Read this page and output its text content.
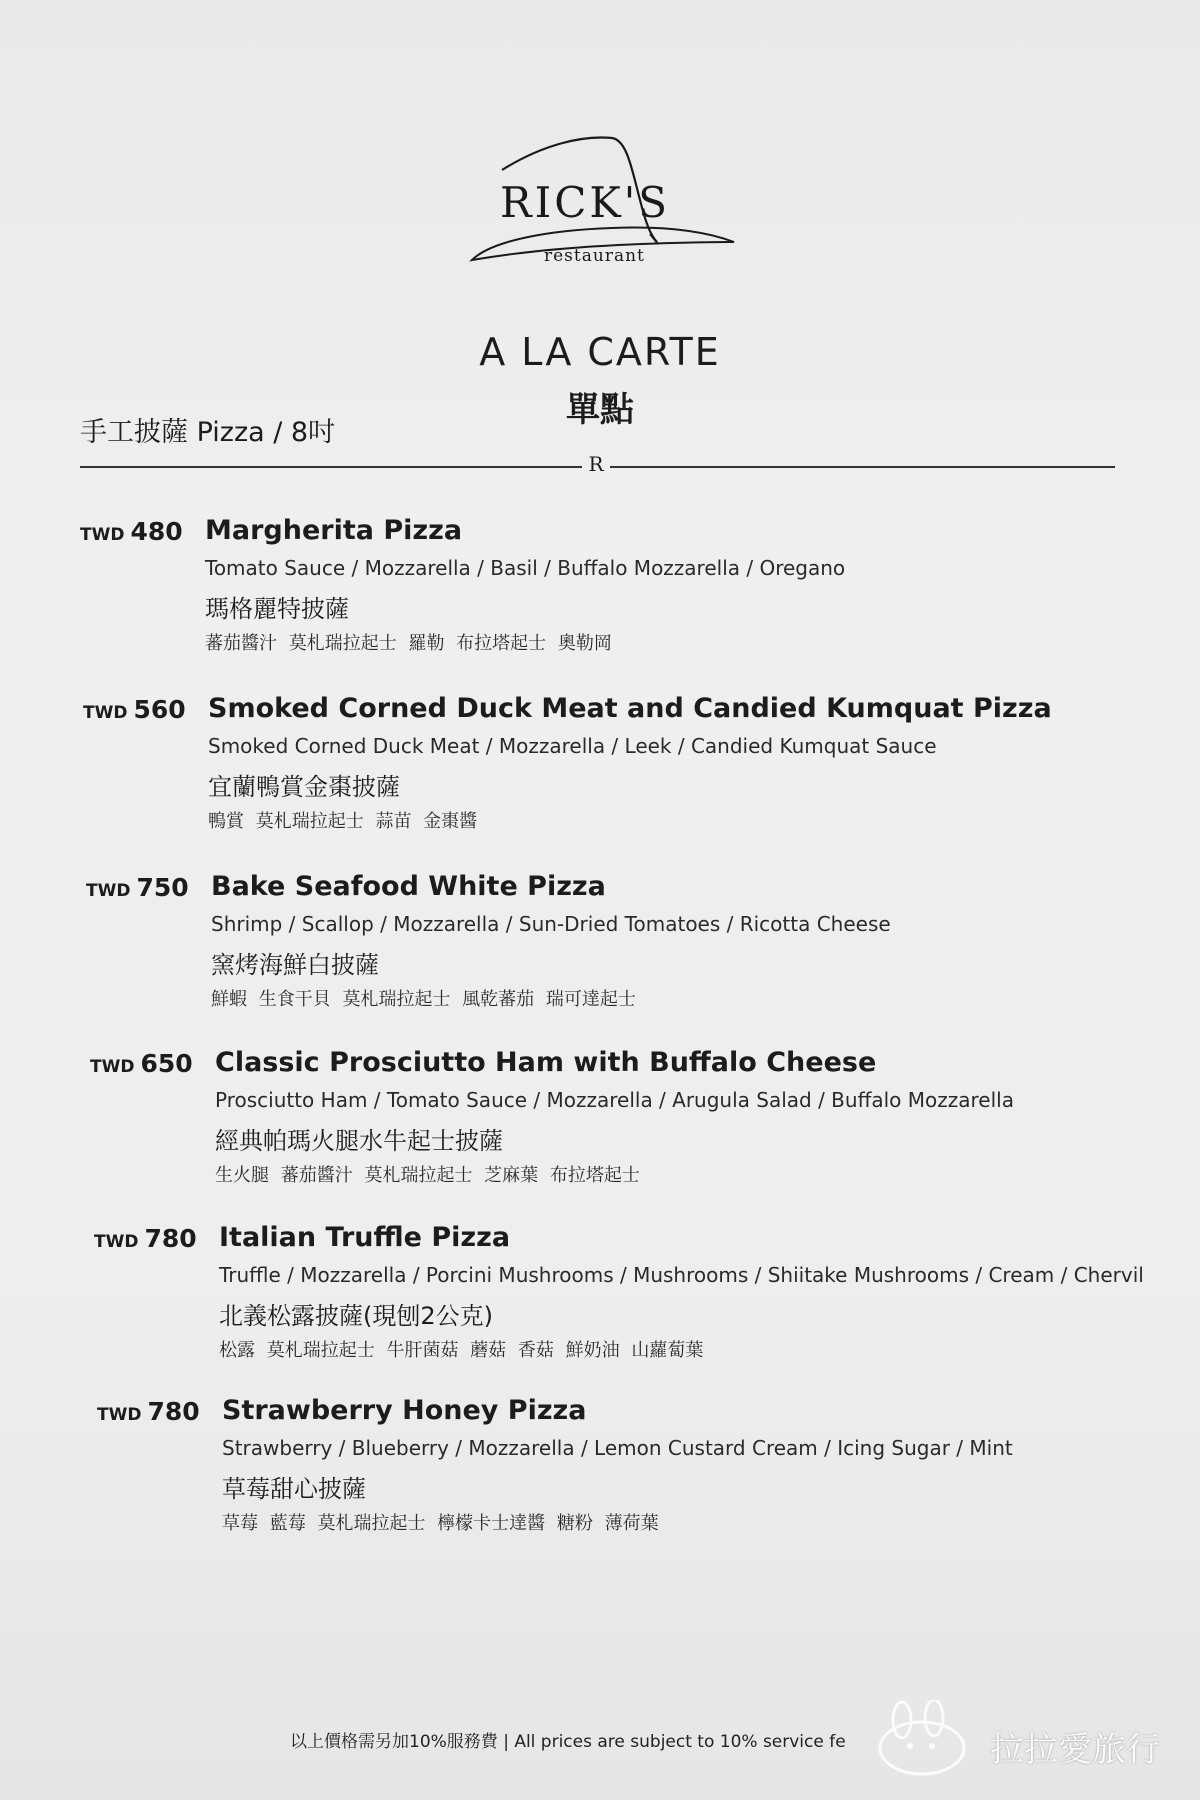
RICK'S
restaurant
A LA CARTE
單點
手工披薩 Pizza / 8吋
R
TWD 480 Margherita Pizza
Tomato Sauce / Mozzarella / Basil / Buffalo Mozzarella / Oregano
瑪格麗特披薩
蕃茄醬汁 莫札瑞拉起士 羅勒 布拉塔起士 奧勒岡
TWD 560 Smoked Corned Duck Meat and Candied Kumquat Pizza
Smoked Corned Duck Meat / Mozzarella / Leek / Candied Kumquat Sauce
宜蘭鴨賞金棗披薩
鴨賞 莫札瑞拉起士 蒜苗 金棗醬
TWD 750 Bake Seafood White Pizza
Shrimp / Scallop / Mozzarella / Sun-Dried Tomatoes / Ricotta Cheese
窯烤海鮮白披薩
鮮蝦 生食干貝 莫札瑞拉起士 風乾蕃茄 瑞可達起士
TWD 650 Classic Prosciutto Ham with Buffalo Cheese
Prosciutto Ham / Tomato Sauce / Mozzarella / Arugula Salad / Buffalo Mozzarella
經典帕瑪火腿水牛起士披薩
生火腿 蕃茄醬汁 莫札瑞拉起士 芝麻葉 布拉塔起士
TWD 780 Italian Truffle Pizza
Truffle / Mozzarella / Porcini Mushrooms / Mushrooms / Shiitake Mushrooms / Cream / Chervil
北義松露披薩(現刨2公克)
松露 莫札瑞拉起士 牛肝菌菇 蘑菇 香菇 鮮奶油 山蘿蔔葉
TWD 780 Strawberry Honey Pizza
Strawberry / Blueberry / Mozzarella / Lemon Custard Cream / Icing Sugar / Mint
草莓甜心披薩
草莓 藍莓 莫札瑞拉起士 檸檬卡士達醬 糖粉 薄荷葉
以上價格需另加10%服務費 | All prices are subject to 10% service fe	拉拉愛旅行
